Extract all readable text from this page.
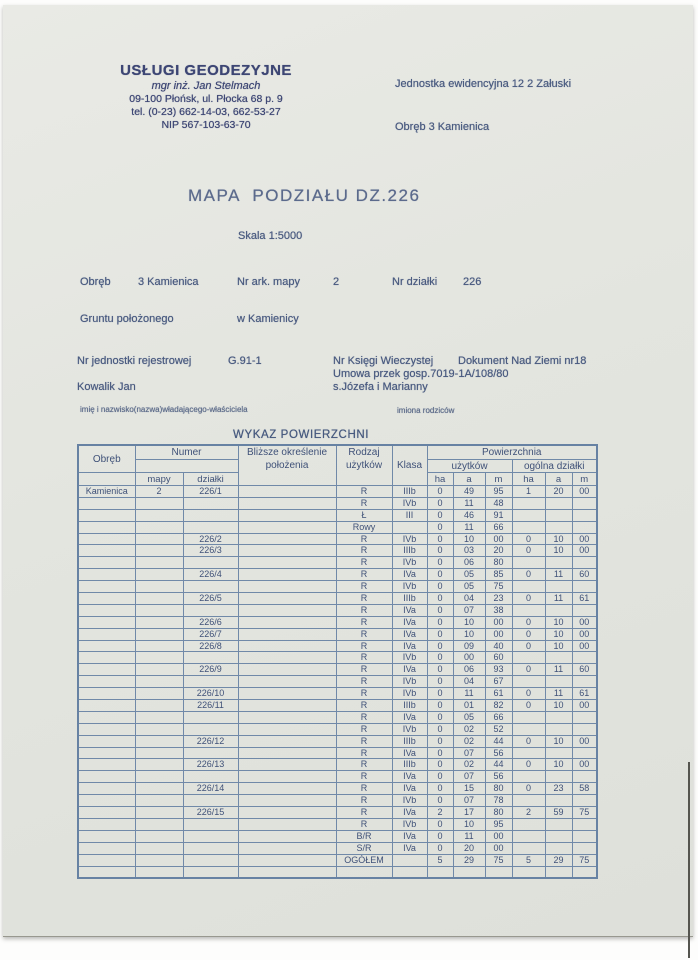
USŁUGI GEODEZYJNE
mgr inż. Jan Stelmach
09-100 Płońsk, ul. Płocka 68 p. 9
tel. (0-23) 662-14-03, 662-53-27
NIP 567-103-63-70
Jednostka ewidencyjna 12 2 Załuski
Obręb 3 Kamienica
MAPA  PODZIAŁU DZ.226
Skala 1:5000
Obręb 3 Kamienica	Nr ark. mapy	2	Nr działki 226
Gruntu położonego	w Kamienicy
Nr jednostki rejestrowej	G.91-1	Nr Księgi Wieczystej Dokument Nad Ziemi nr18
Umowa przek gosp.7019-1A/108/80
Kowalik Jan	s.Józefa i Marianny
imię i nazwisko(nazwa)władającego-właściciela	imiona rodziców
WYKAZ POWIERZCHNI
Obręb	Numer		Bliższe określenie położenia	Rodzaj użytków	Klasa	Powierzchnia					
						użytków			ogólna działki		
	mapy	działki				ha	a	m	ha	a	m
Kamienica	2	226/1		R	IIIb	0	49	95	1	20	00
				R	IVb	0	11	48			
				Ł	III	0	46	91			
				Rowy		0	11	66			
		226/2		R	IVb	0	10	00	0	10	00
		226/3		R	IIIb	0	03	20	0	10	00
				R	IVb	0	06	80			
		226/4		R	IVa	0	05	85	0	11	60
				R	IVb	0	05	75			
		226/5		R	IIIb	0	04	23	0	11	61
				R	IVa	0	07	38			
		226/6		R	IVa	0	10	00	0	10	00
		226/7		R	IVa	0	10	00	0	10	00
		226/8		R	IVa	0	09	40	0	10	00
				R	IVb	0	00	60			
		226/9		R	IVa	0	06	93	0	11	60
				R	IVb	0	04	67			
		226/10		R	IVb	0	11	61	0	11	61
		226/11		R	IIIb	0	01	82	0	10	00
				R	IVa	0	05	66			
				R	IVb	0	02	52			
		226/12		R	IIIb	0	02	44	0	10	00
				R	IVa	0	07	56			
		226/13		R	IIIb	0	02	44	0	10	00
				R	IVa	0	07	56			
		226/14		R	IVa	0	15	80	0	23	58
				R	IVb	0	07	78			
		226/15		R	IVa	2	17	80	2	59	75
				R	IVb	0	10	95			
				B/R	IVa	0	11	00			
				S/R	IVa	0	20	00			
				OGÓŁEM		5	29	75	5	29	75
